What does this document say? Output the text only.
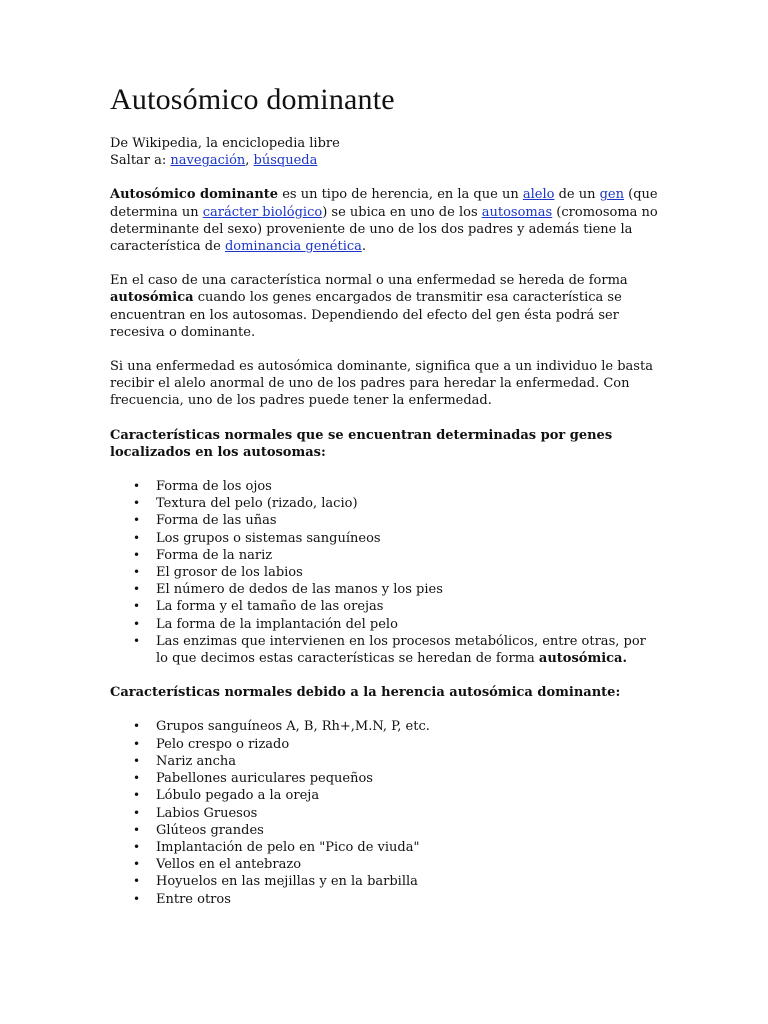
Autosómico dominante
De Wikipedia, la enciclopedia libre
Saltar a: navegación, búsqueda

Autosómico dominante es un tipo de herencia, en la que un alelo de un gen (que determina un carácter biológico) se ubica en uno de los autosomas (cromosoma no determinante del sexo) proveniente de uno de los dos padres y además tiene la característica de dominancia genética.

En el caso de una característica normal o una enfermedad se hereda de forma autosómica cuando los genes encargados de transmitir esa característica se encuentran en los autosomas. Dependiendo del efecto del gen ésta podrá ser recesiva o dominante.

Si una enfermedad es autosómica dominante, significa que a un individuo le basta recibir el alelo anormal de uno de los padres para heredar la enfermedad. Con frecuencia, uno de los padres puede tener la enfermedad.

Características normales que se encuentran determinadas por genes localizados en los autosomas:
• Forma de los ojos
• Textura del pelo (rizado, lacio)
• Forma de las uñas
• Los grupos o sistemas sanguíneos
• Forma de la nariz
• El grosor de los labios
• El número de dedos de las manos y los pies
• La forma y el tamaño de las orejas
• La forma de la implantación del pelo
• Las enzimas que intervienen en los procesos metabólicos, entre otras, por lo que decimos estas características se heredan de forma autosómica.
Características normales debido a la herencia autosómica dominante:
• Grupos sanguíneos A, B, Rh+,M.N, P, etc.
• Pelo crespo o rizado
• Nariz ancha
• Pabellones auriculares pequeños
• Lóbulo pegado a la oreja
• Labios Gruesos
• Glúteos grandes
• Implantación de pelo en "Pico de viuda"
• Vellos en el antebrazo
• Hoyuelos en las mejillas y en la barbilla
• Entre otros
